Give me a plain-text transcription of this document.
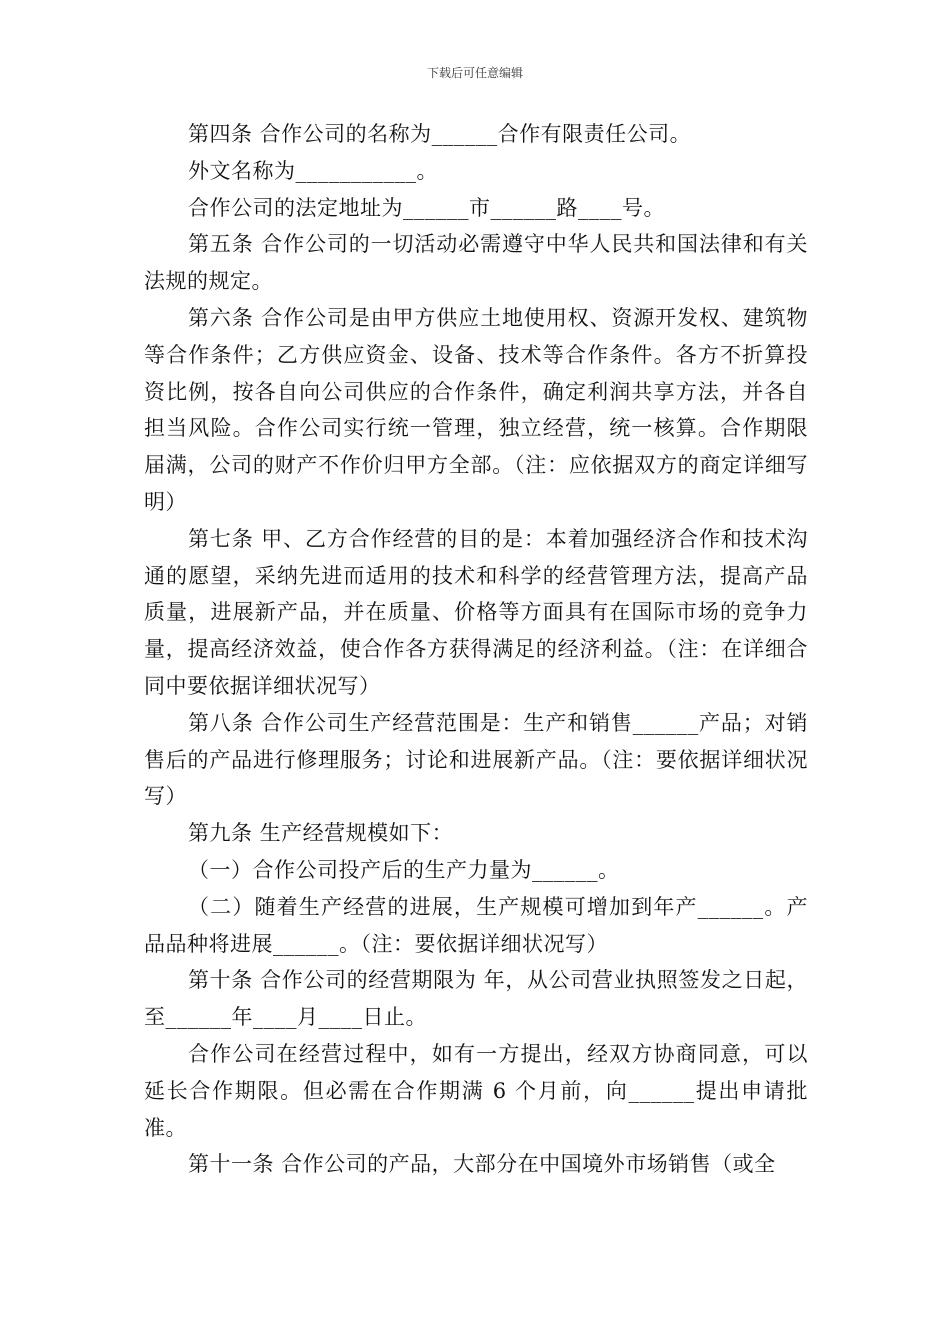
下载后可任意编辑

第四条 合作公司的名称为______合作有限责任公司。

外文名称为___________。

合作公司的法定地址为______市______路____号。

第五条 合作公司的一切活动必需遵守中华人民共和国法律和有关法规的规定。

第六条 合作公司是由甲方供应土地使用权、资源开发权、建筑物等合作条件；乙方供应资金、设备、技术等合作条件。各方不折算投资比例，按各自向公司供应的合作条件，确定利润共享方法，并各自担当风险。合作公司实行统一管理，独立经营，统一核算。合作期限届满，公司的财产不作价归甲方全部。（注：应依据双方的商定详细写明）

第七条 甲、乙方合作经营的目的是：本着加强经济合作和技术沟通的愿望，采纳先进而适用的技术和科学的经营管理方法，提高产品质量，进展新产品，并在质量、价格等方面具有在国际市场的竞争力量，提高经济效益，使合作各方获得满足的经济利益。（注：在详细合同中要依据详细状况写）

第八条 合作公司生产经营范围是：生产和销售______产品；对销售后的产品进行修理服务；讨论和进展新产品。（注：要依据详细状况写）

第九条 生产经营规模如下：

（一）合作公司投产后的生产力量为______。

（二）随着生产经营的进展，生产规模可增加到年产______。产品品种将进展______。（注：要依据详细状况写）

第十条 合作公司的经营期限为 年，从公司营业执照签发之日起，至______年____月____日止。

合作公司在经营过程中，如有一方提出，经双方协商同意，可以延长合作期限。但必需在合作期满 6 个月前，向______提出申请批准。

第十一条 合作公司的产品，大部分在中国境外市场销售（或全
